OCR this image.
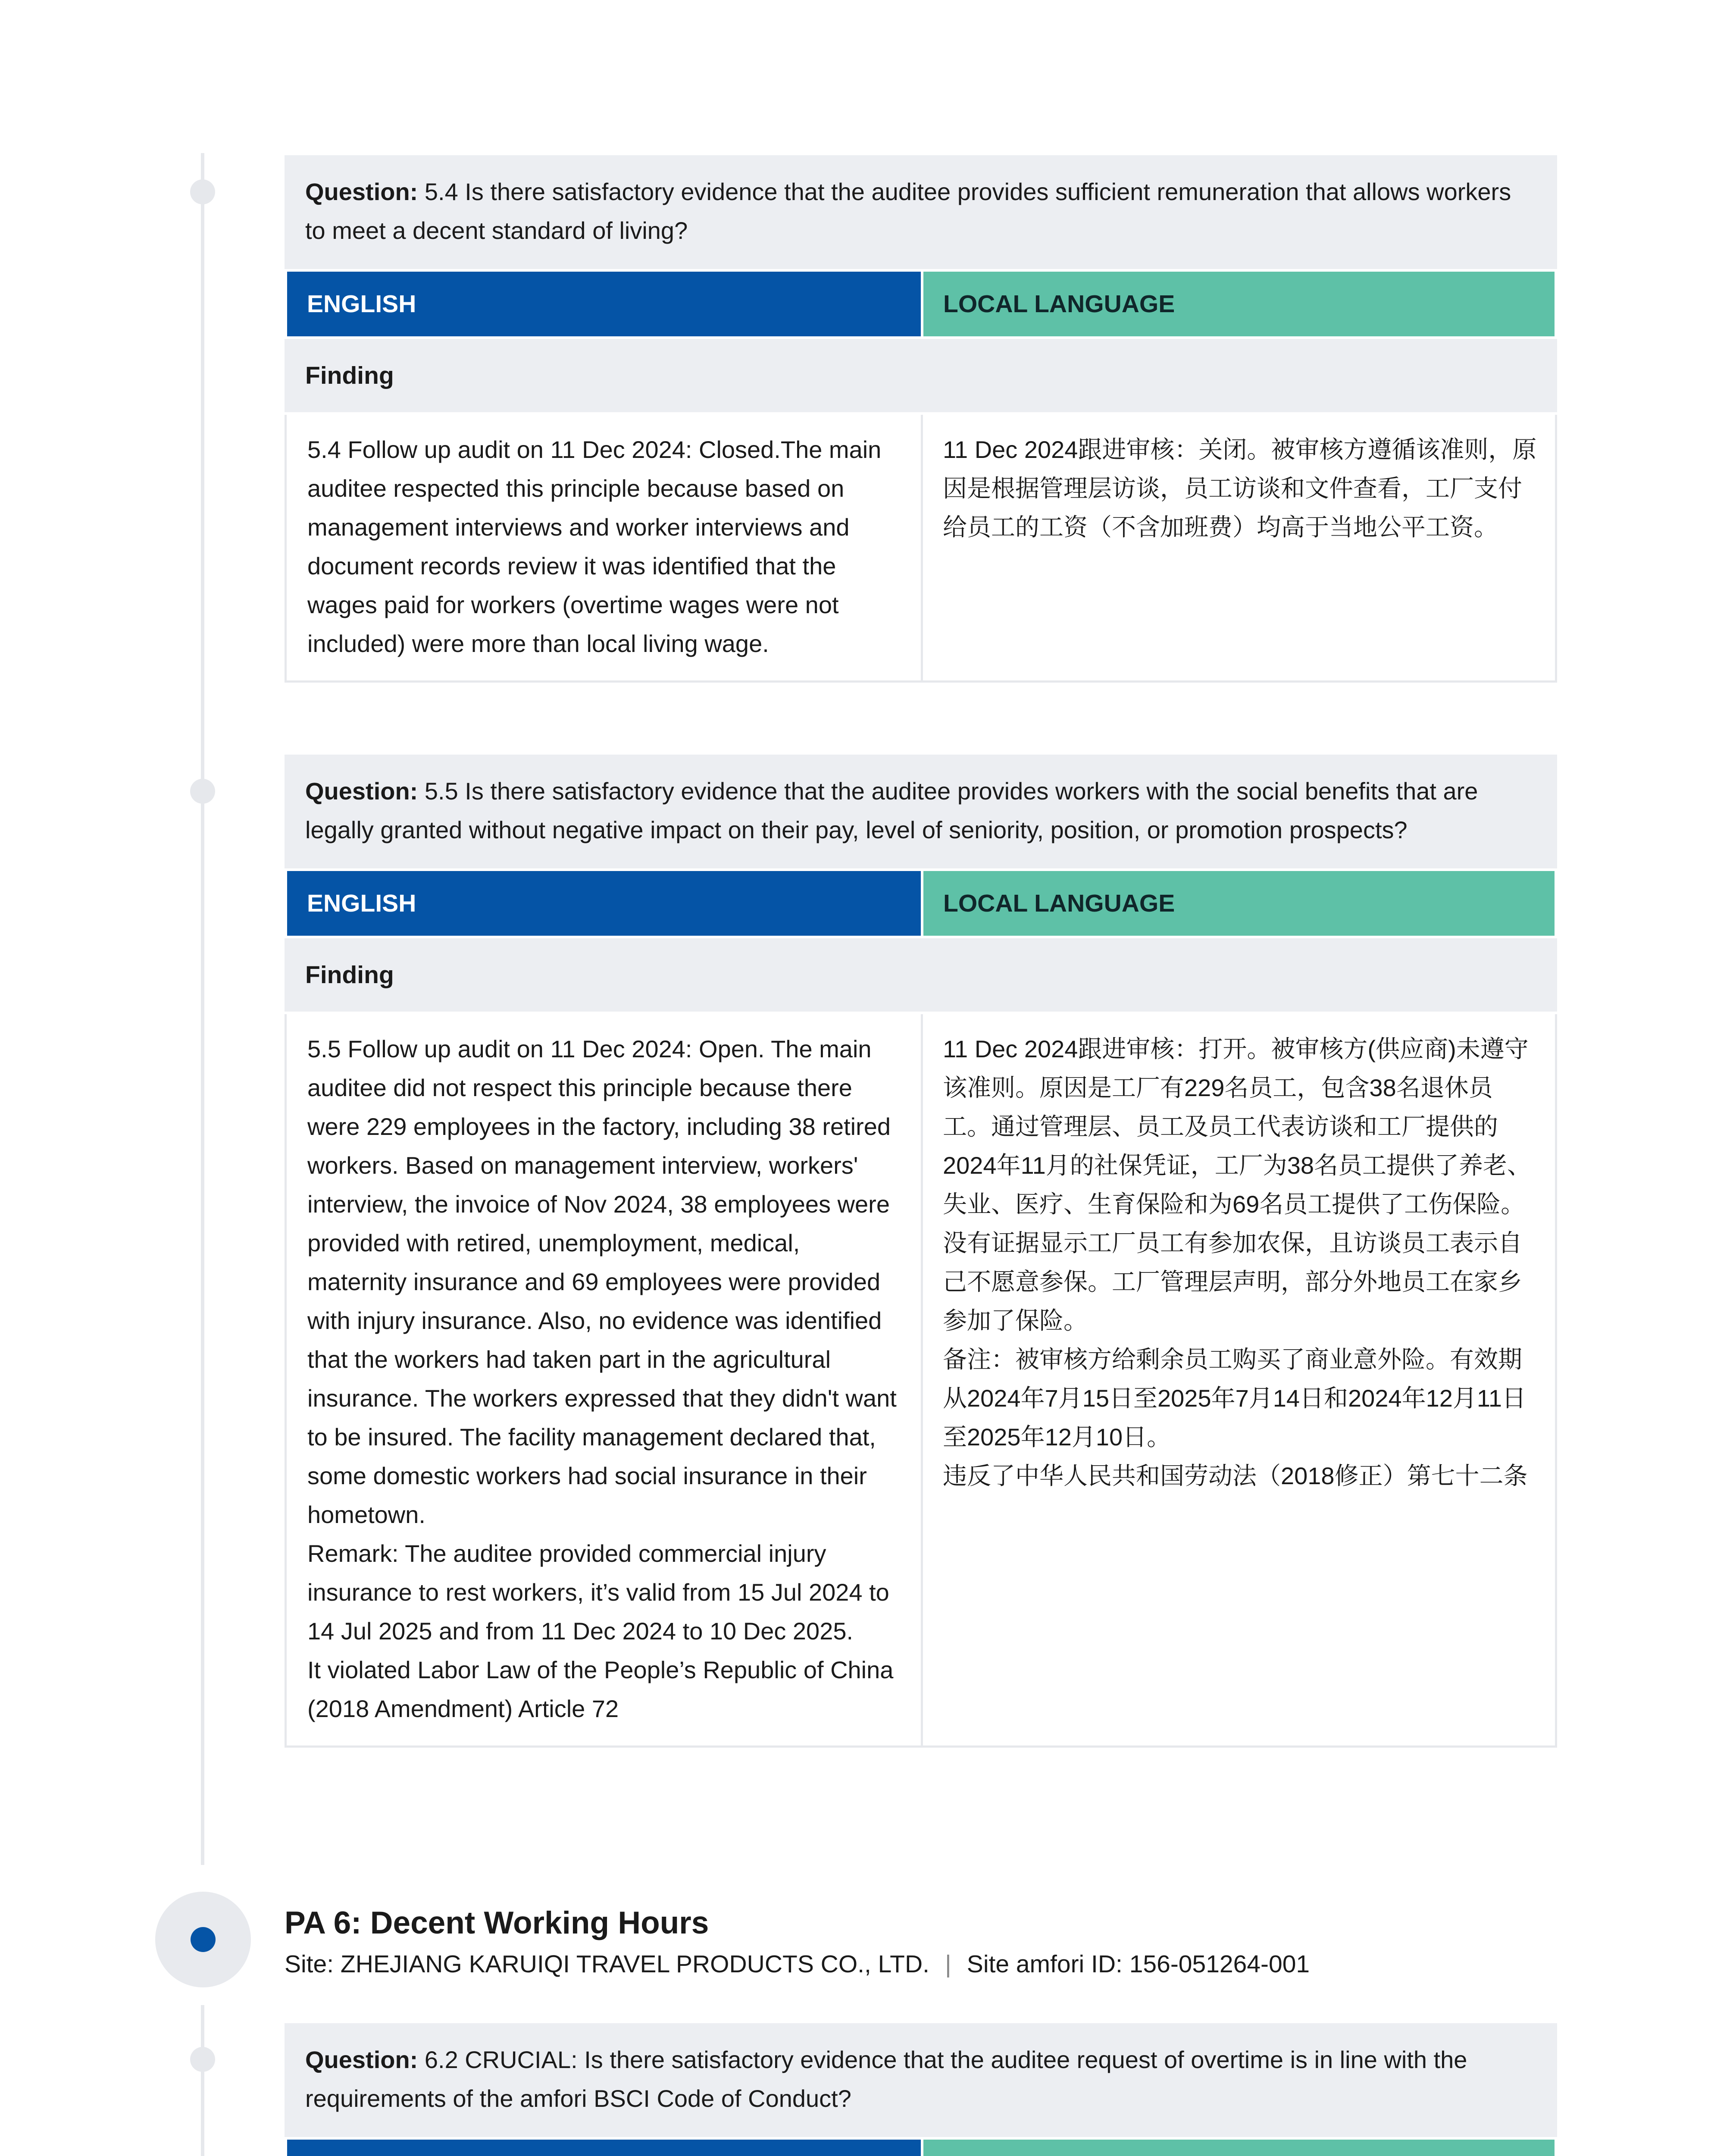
Question: 5.4 Is there satisfactory evidence that the auditee provides sufficient remuneration that allows workers to meet a decent standard of living?
ENGLISH	LOCAL LANGUAGE
Finding
5.4 Follow up audit on 11 Dec 2024: Closed.The main auditee respected this principle because based on management interviews and worker interviews and document records review it was identified that the wages paid for workers (overtime wages were not included) were more than local living wage.
11 Dec 2024跟进审核：关闭。被审核方遵循该准则，原因是根据管理层访谈，员工访谈和文件查看，工厂支付给员工的工资（不含加班费）均高于当地公平工资。
Question: 5.5 Is there satisfactory evidence that the auditee provides workers with the social benefits that are legally granted without negative impact on their pay, level of seniority, position, or promotion prospects?
ENGLISH	LOCAL LANGUAGE
Finding
5.5 Follow up audit on 11 Dec 2024: Open. The main auditee did not respect this principle because there were 229 employees in the factory, including 38 retired workers. Based on management interview, workers' interview, the invoice of Nov 2024, 38 employees were provided with retired, unemployment, medical, maternity insurance and 69 employees were provided with injury insurance. Also, no evidence was identified that the workers had taken part in the agricultural insurance. The workers expressed that they didn't want to be insured. The facility management declared that, some domestic workers had social insurance in their hometown.
Remark: The auditee provided commercial injury insurance to rest workers, it’s valid from 15 Jul 2024 to 14 Jul 2025 and from 11 Dec 2024 to 10 Dec 2025.
It violated Labor Law of the People’s Republic of China (2018 Amendment) Article 72
11 Dec 2024跟进审核：打开。被审核方(供应商)未遵守该准则。原因是工厂有229名员工，包含38名退休员工。通过管理层、员工及员工代表访谈和工厂提供的2024年11月的社保凭证，工厂为38名员工提供了养老、失业、医疗、生育保险和为69名员工提供了工伤保险。没有证据显示工厂员工有参加农保，且访谈员工表示自己不愿意参保。工厂管理层声明，部分外地员工在家乡参加了保险。
备注：被审核方给剩余员工购买了商业意外险。有效期从2024年7月15日至2025年7月14日和2024年12月11日至2025年12月10日。
违反了中华人民共和国劳动法（2018修正）第七十二条
PA 6: Decent Working Hours
Site: ZHEJIANG KARUIQI TRAVEL PRODUCTS CO., LTD. | Site amfori ID: 156-051264-001
Question: 6.2 CRUCIAL: Is there satisfactory evidence that the auditee request of overtime is in line with the requirements of the amfori BSCI Code of Conduct?
